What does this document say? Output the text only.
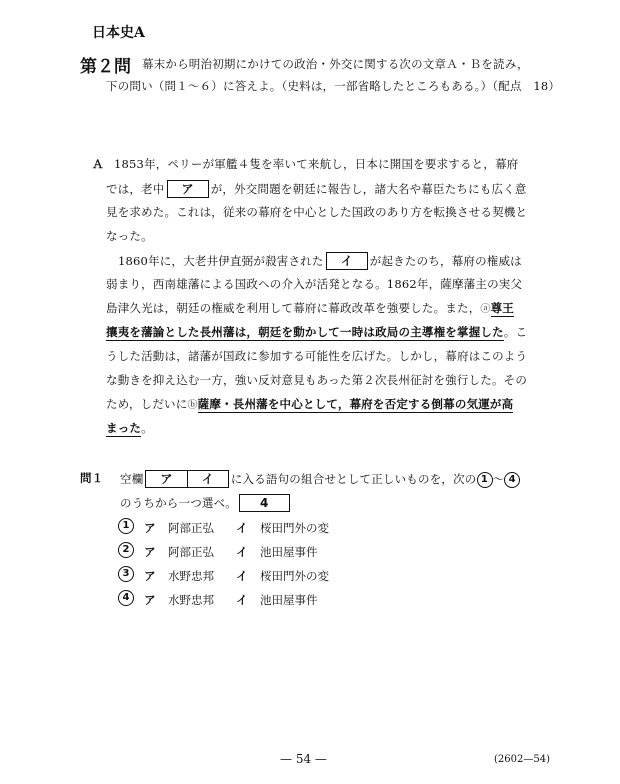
日本史A
第２問 幕末から明治初期にかけての政治・外交に関する次の文章Ａ・Ｂを読み，
下の問い（問１～６）に答えよ。（史料は，一部省略したところもある。）（配点　18）
Ａ 1853年，ペリーが軍艦４隻を率いて来航し，日本に開国を要求すると，幕府
では，老中 ア が，外交問題を朝廷に報告し，諸大名や幕臣たちにも広く意
見を求めた。これは，従来の幕府を中心とした国政のあり方を転換させる契機と
なった。
1860年に，大老井伊直弼が殺害された イ が起きたのち，幕府の権威は
弱まり，西南雄藩による国政への介入が活発となる。1862年，薩摩藩主の実父
島津久光は，朝廷の権威を利用して幕府に幕政改革を強要した。また，ⓐ尊王
攘夷を藩論とした長州藩は，朝廷を動かして一時は政局の主導権を掌握した。こ
うした活動は，諸藩が国政に参加する可能性を広げた。しかし，幕府はこのよう
な動きを抑え込む一方，強い反対意見もあった第２次長州征討を強行した。その
ため，しだいにⓑ薩摩・長州藩を中心として，幕府を否定する倒幕の気運が高
まった。
問１ 空欄 ア イ に入る語句の組合せとして正しいものを，次の 1 ～ 4
のうちから一つ選べ。 4
1	ア 阿部正弘 イ 桜田門外の変
2	ア 阿部正弘 イ 池田屋事件
3	ア 水野忠邦 イ 桜田門外の変
4	ア 水野忠邦 イ 池田屋事件
— 54 —	(2602—54)
